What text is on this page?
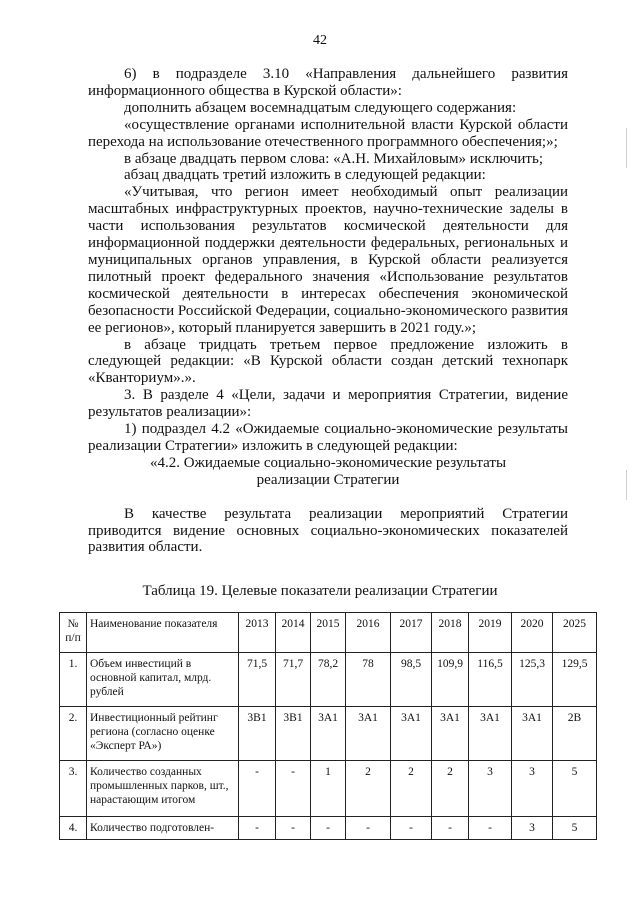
42

6) в подразделе 3.10 «Направления дальнейшего развития информационного общества в Курской области»:

дополнить абзацем восемнадцатым следующего содержания:

«осуществление органами исполнительной власти Курской области перехода на использование отечественного программного обеспечения;»;

в абзаце двадцать первом слова: «А.Н. Михайловым» исключить;

абзац двадцать третий изложить в следующей редакции:

«Учитывая, что регион имеет необходимый опыт реализации масштабных инфраструктурных проектов, научно-технические заделы в части использования результатов космической деятельности для информационной поддержки деятельности федеральных, региональных и муниципальных органов управления, в Курской области реализуется пилотный проект федерального значения «Использование результатов космической деятельности в интересах обеспечения экономической безопасности Российской Федерации, социально-экономического развития ее регионов», который планируется завершить в 2021 году.»;

в абзаце тридцать третьем первое предложение изложить в следующей редакции: «В Курской области создан детский технопарк «Кванториум».».

3. В разделе 4 «Цели, задачи и мероприятия Стратегии, видение результатов реализации»:

1) подраздел 4.2 «Ожидаемые социально-экономические результаты реализации Стратегии» изложить в следующей редакции:

«4.2. Ожидаемые социально-экономические результаты

реализации Стратегии

В качестве результата реализации мероприятий Стратегии приводится видение основных социально-экономических показателей развития области.

Таблица 19. Целевые показатели реализации Стратегии
№ п/п	Наименование показателя	2013	2014	2015	2016	2017	2018	2019	2020	2025
1.	Объем инвестиций в основной капитал, млрд. рублей	71,5	71,7	78,2	78	98,5	109,9	116,5	125,3	129,5
2.	Инвестиционный рейтинг региона (согласно оценке «Эксперт РА»)	3B1	3B1	3A1	3A1	3A1	3A1	3A1	3A1	2B
3.	Количество созданных промышленных парков, шт., нарастающим итогом	-	-	1	2	2	2	3	3	5
4.	Количество подготовлен-	-	-	-	-	-	-	-	3	5
